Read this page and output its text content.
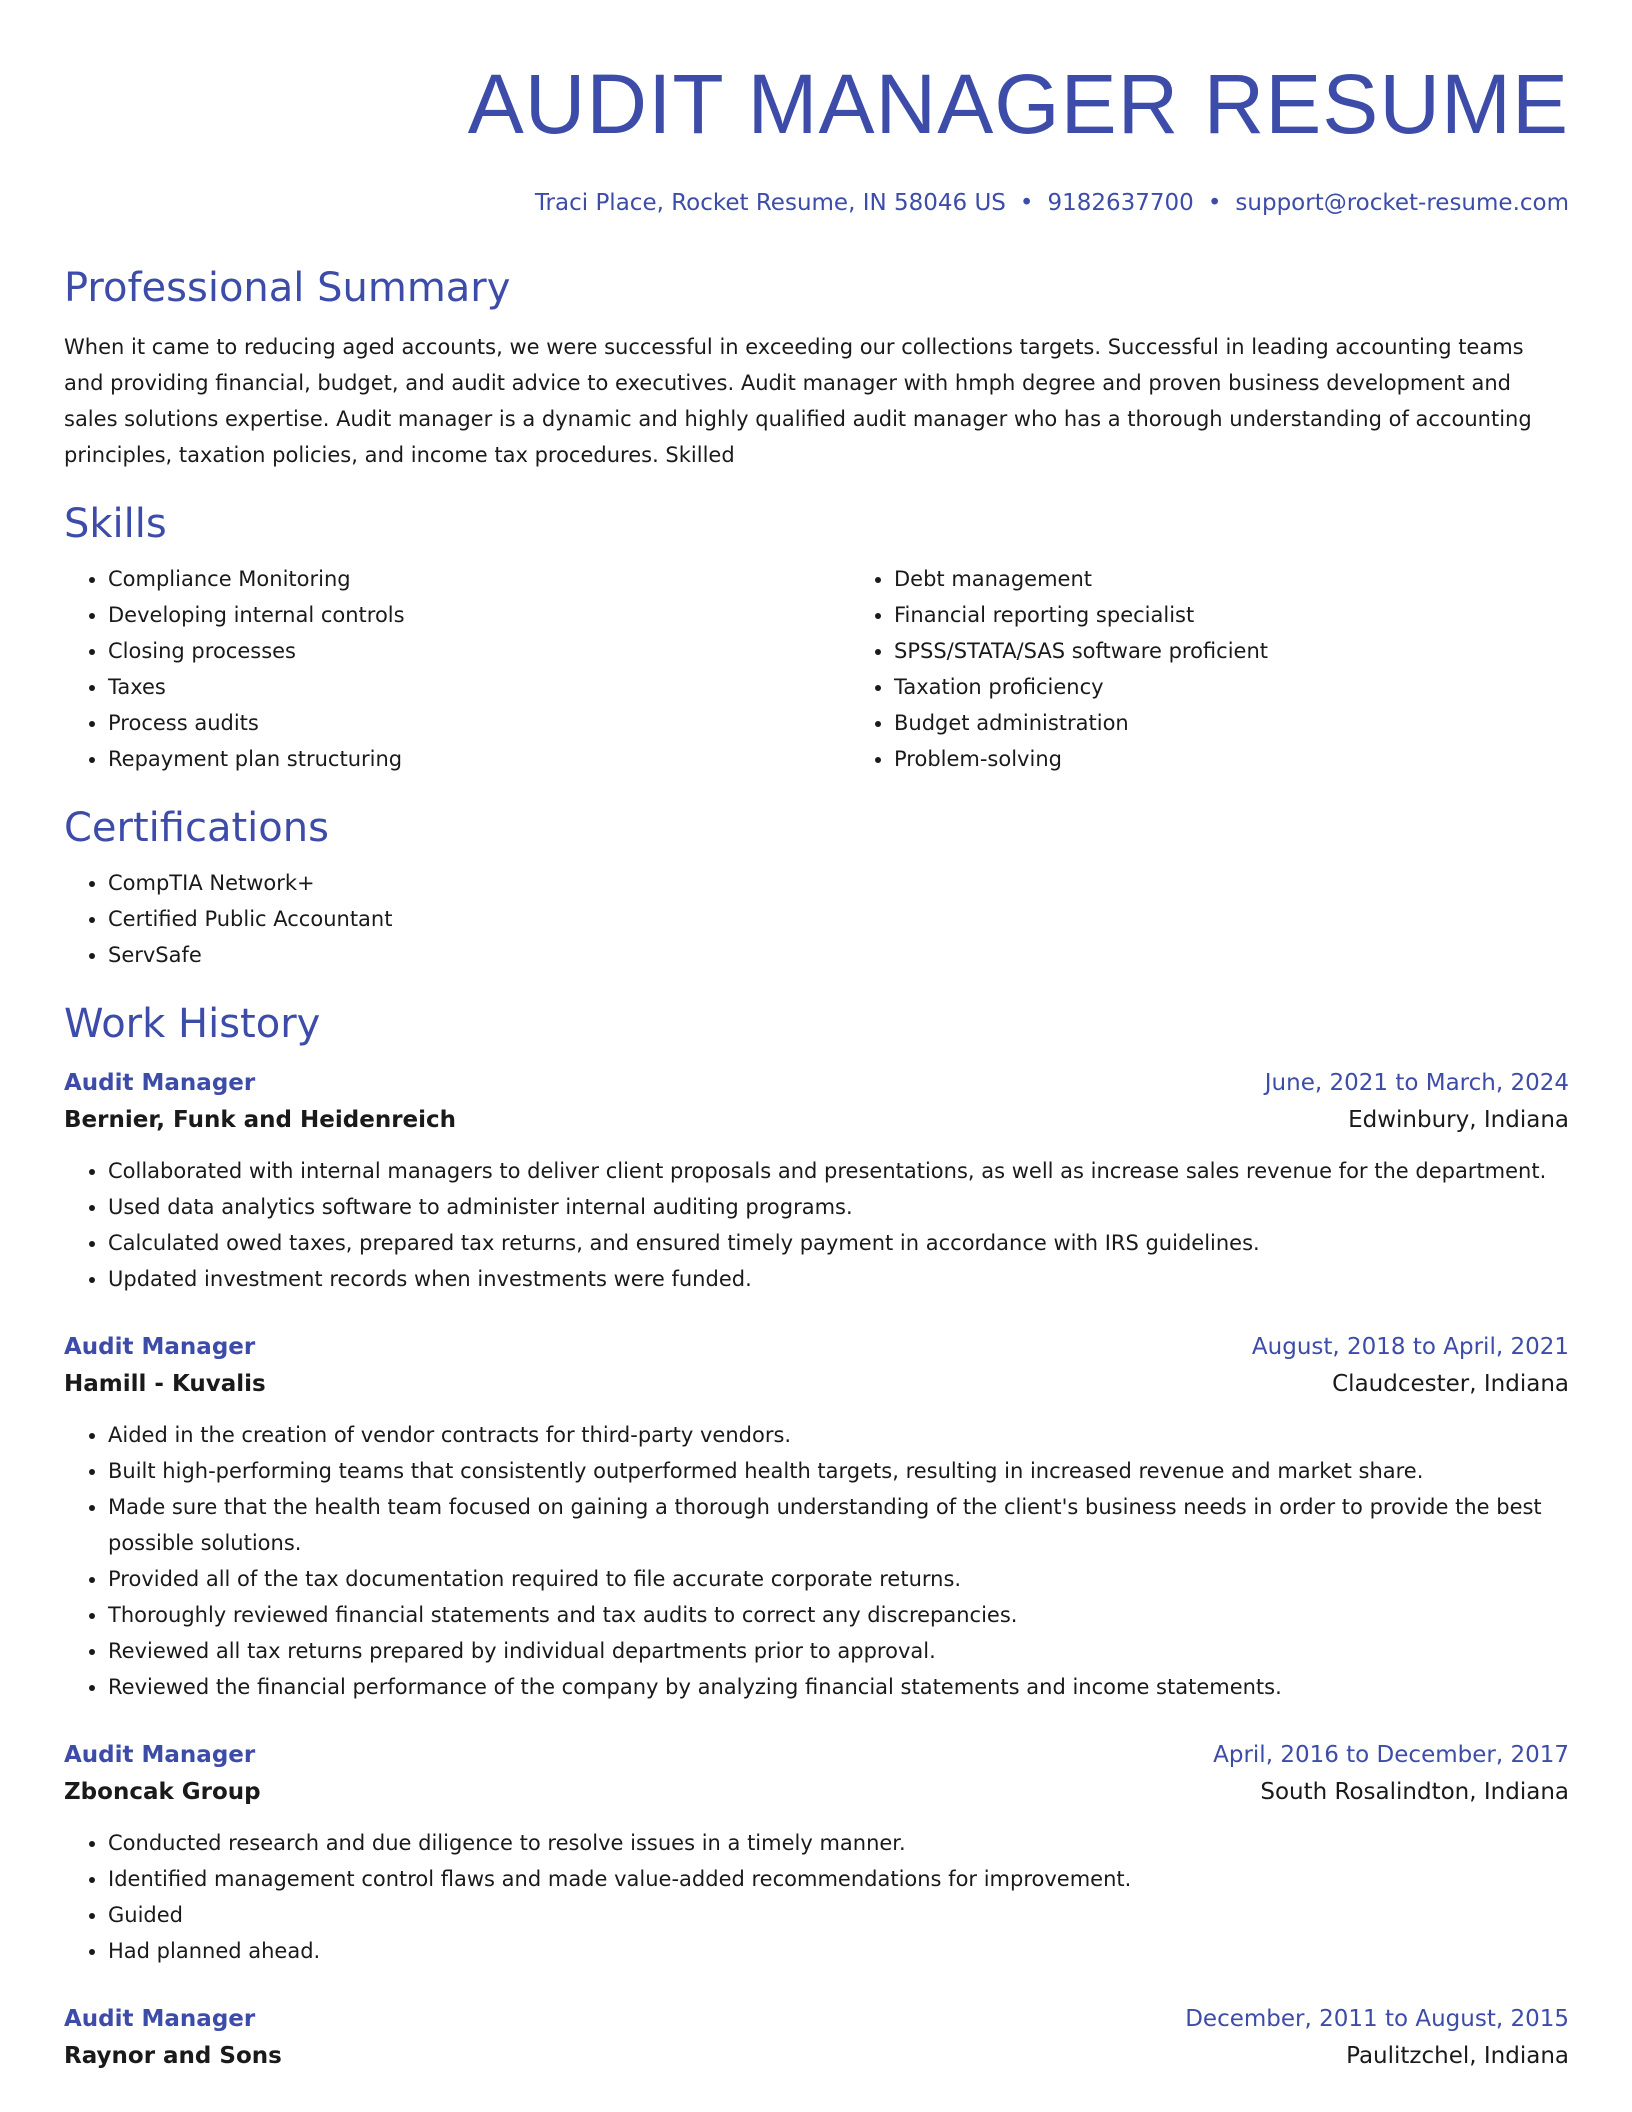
AUDIT MANAGER RESUME
Traci Place, Rocket Resume, IN 58046 US • 9182637700 • support@rocket-resume.com
Professional Summary

When it came to reducing aged accounts, we were successful in exceeding our collections targets. Successful in leading accounting teams and providing financial, budget, and audit advice to executives. Audit manager with hmph degree and proven business development and sales solutions expertise. Audit manager is a dynamic and highly qualified audit manager who has a thorough understanding of accounting principles, taxation policies, and income tax procedures. Skilled

Skills
• Compliance Monitoring
• Developing internal controls
• Closing processes
• Taxes
• Process audits
• Repayment plan structuring
• Debt management
• Financial reporting specialist
• SPSS/STATA/SAS software proficient
• Taxation proficiency
• Budget administration
• Problem-solving
Certifications
• CompTIA Network+
• Certified Public Accountant
• ServSafe
Work History
Audit Manager	June, 2021 to March, 2024
Bernier, Funk and Heidenreich	Edwinbury, Indiana
• Collaborated with internal managers to deliver client proposals and presentations, as well as increase sales revenue for the department.
• Used data analytics software to administer internal auditing programs.
• Calculated owed taxes, prepared tax returns, and ensured timely payment in accordance with IRS guidelines.
• Updated investment records when investments were funded.
Audit Manager	August, 2018 to April, 2021
Hamill - Kuvalis	Claudcester, Indiana
• Aided in the creation of vendor contracts for third-party vendors.
• Built high-performing teams that consistently outperformed health targets, resulting in increased revenue and market share.
• Made sure that the health team focused on gaining a thorough understanding of the client's business needs in order to provide the best possible solutions.
• Provided all of the tax documentation required to file accurate corporate returns.
• Thoroughly reviewed financial statements and tax audits to correct any discrepancies.
• Reviewed all tax returns prepared by individual departments prior to approval.
• Reviewed the financial performance of the company by analyzing financial statements and income statements.
Audit Manager	April, 2016 to December, 2017
Zboncak Group	South Rosalindton, Indiana
• Conducted research and due diligence to resolve issues in a timely manner.
• Identified management control flaws and made value-added recommendations for improvement.
• Guided
• Had planned ahead.
Audit Manager	December, 2011 to August, 2015
Raynor and Sons	Paulitzchel, Indiana
